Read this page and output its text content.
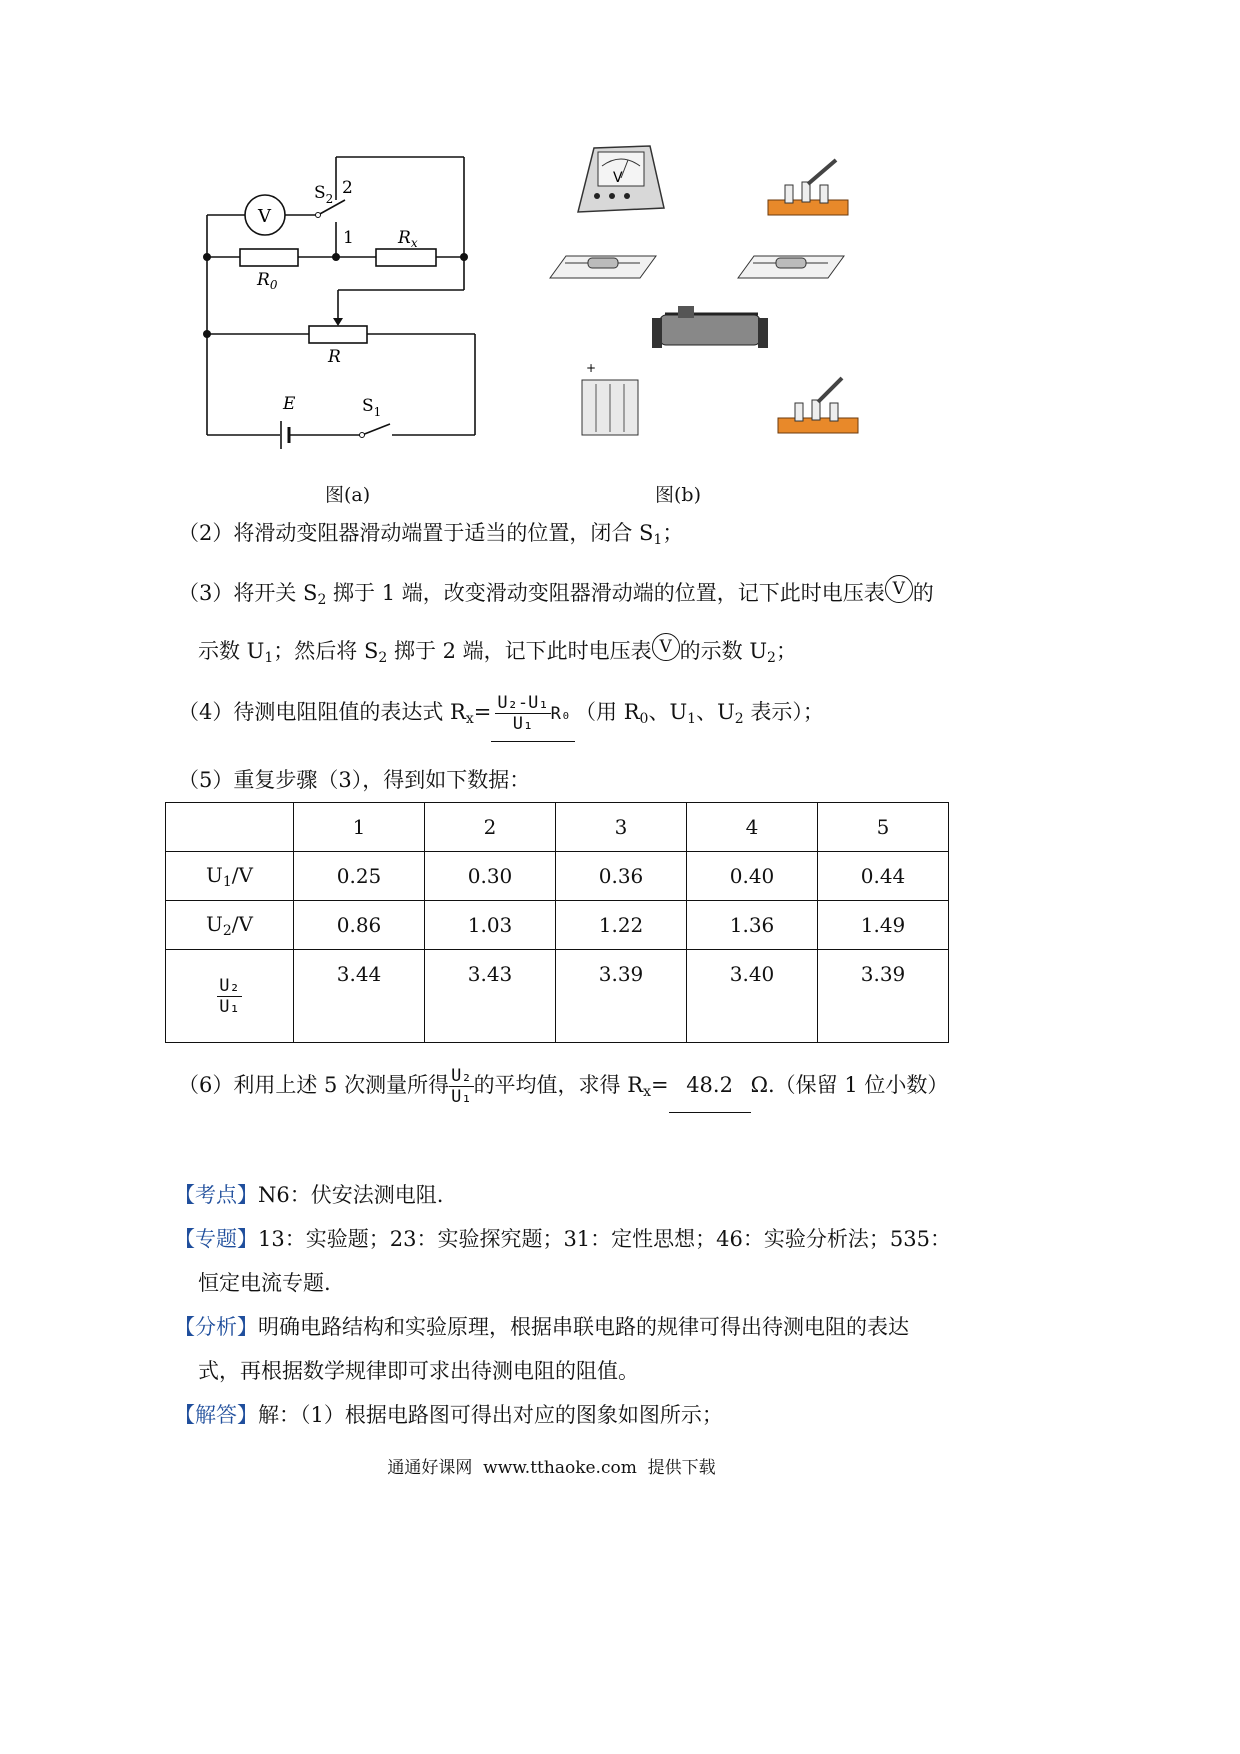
V
$S_2$
2
1	$R_x$
$R_0$
R
E	$S_1$
图(a)
V
+
图(b)
（2）将滑动变阻器滑动端置于适当的位置，闭合 $S_1$；
（3）将开关 $S_2$ 掷于 1 端，改变滑动变阻器滑动端的位置，记下此时电压表 V 的
示数 $U_1$；然后将 $S_2$ 掷于 2 端，记下此时电压表 V 的示数 $U_2$；
（4）待测电阻阻值的表达式 $R_x= \frac{\text{U₂-U₁}}{\text{U₁}} R_0$ （用 $R_0$、$U_1$、$U_2$ 表示）；
（5）重复步骤（3），得到如下数据：
	1	2	3	4	5
$U_1/V$	0.25	0.30	0.36	0.40	0.44
$U_2/V$	0.86	1.03	1.22	1.36	1.49

$\frac{\text{U₂}}{\text{U₁}}$	3.44	3.43	3.39	3.40	3.39
（6）利用上述 5 次测量所得 $\frac{\text{U₂}}{\text{U₁}}$ 的平均值，求得 $R_x= 48.2$ Ω.（保留 1 位小数）
【考点】N6：伏安法测电阻.
【专题】13：实验题；23：实验探究题；31：定性思想；46：实验分析法；535：
恒定电流专题.
【分析】明确电路结构和实验原理，根据串联电路的规律可得出待测电阻的表达
式，再根据数学规律即可求出待测电阻的阻值。
【解答】解：（1）根据电路图可得出对应的图象如图所示；
通通好课网  www.tthaoke.com  提供下载
